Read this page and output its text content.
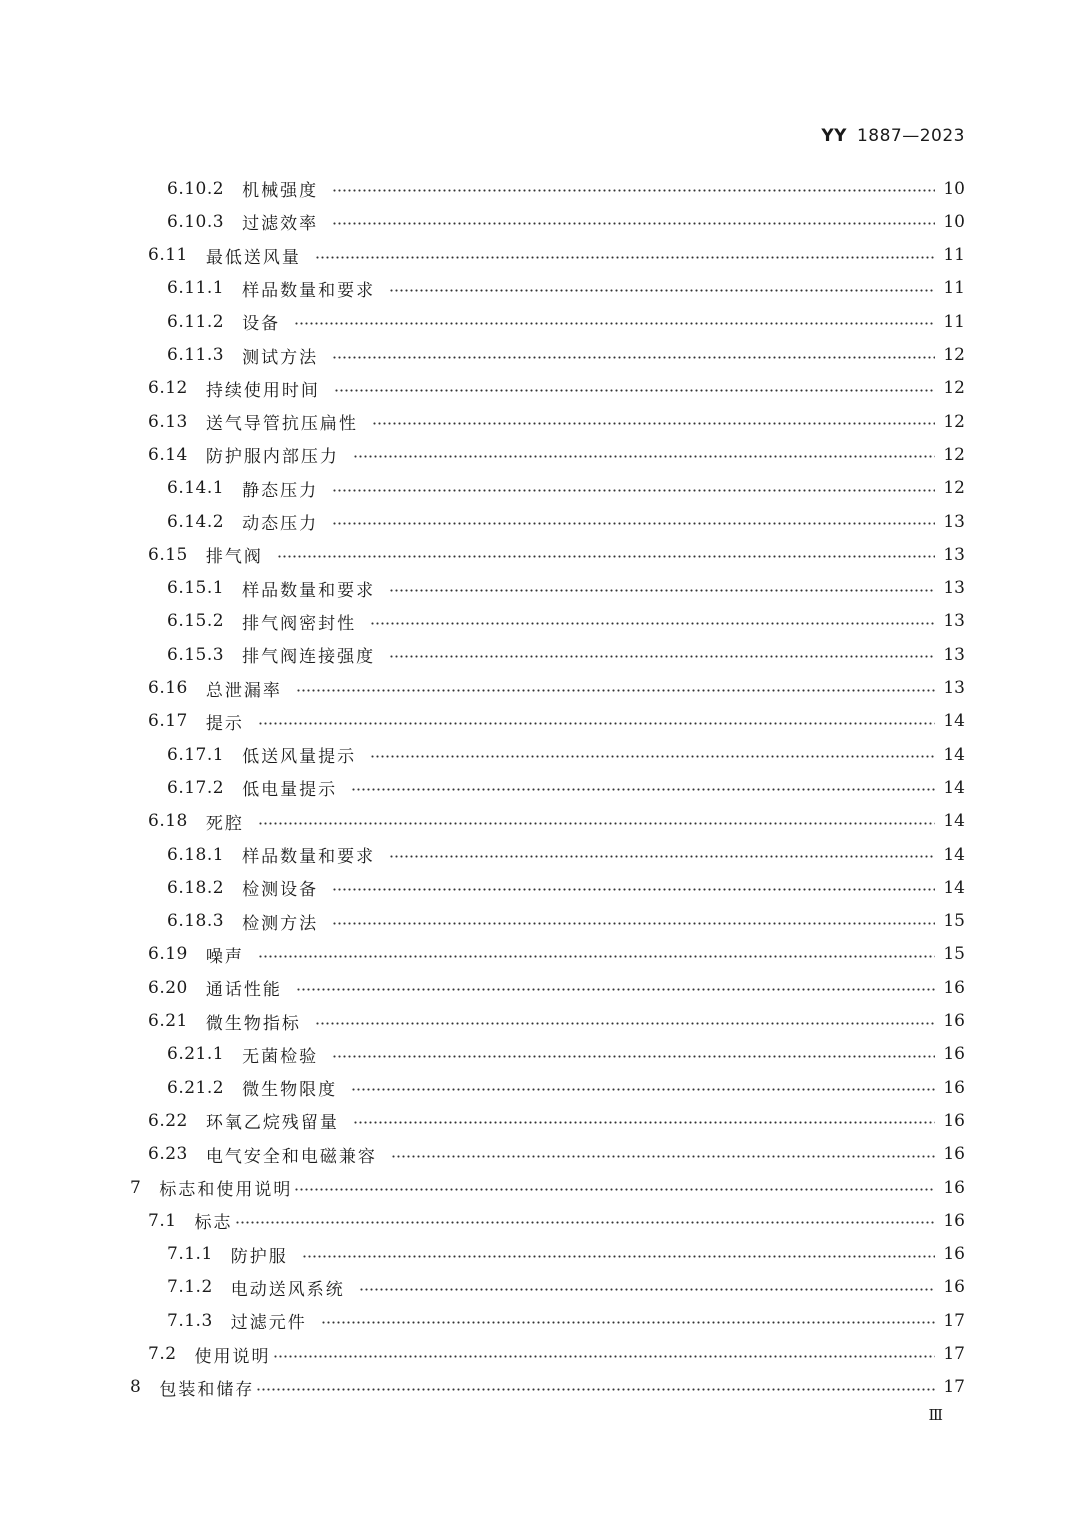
YY 1887—2023
6.10.2 机械强度	10
6.10.3 过滤效率	10
6.11 最低送风量	11
6.11.1 样品数量和要求	11
6.11.2 设备	11
6.11.3 测试方法	12
6.12 持续使用时间	12
6.13 送气导管抗压扁性	12
6.14 防护服内部压力	12
6.14.1 静态压力	12
6.14.2 动态压力	13
6.15 排气阀	13
6.15.1 样品数量和要求	13
6.15.2 排气阀密封性	13
6.15.3 排气阀连接强度	13
6.16 总泄漏率	13
6.17 提示	14
6.17.1 低送风量提示	14
6.17.2 低电量提示	14
6.18 死腔	14
6.18.1 样品数量和要求	14
6.18.2 检测设备	14
6.18.3 检测方法	15
6.19 噪声	15
6.20 通话性能	16
6.21 微生物指标	16
6.21.1 无菌检验	16
6.21.2 微生物限度	16
6.22 环氧乙烷残留量	16
6.23 电气安全和电磁兼容	16
7 标志和使用说明	16
7.1 标志	16
7.1.1 防护服	16
7.1.2 电动送风系统	16
7.1.3 过滤元件	17
7.2 使用说明	17
8 包装和储存	17
Ⅲ
